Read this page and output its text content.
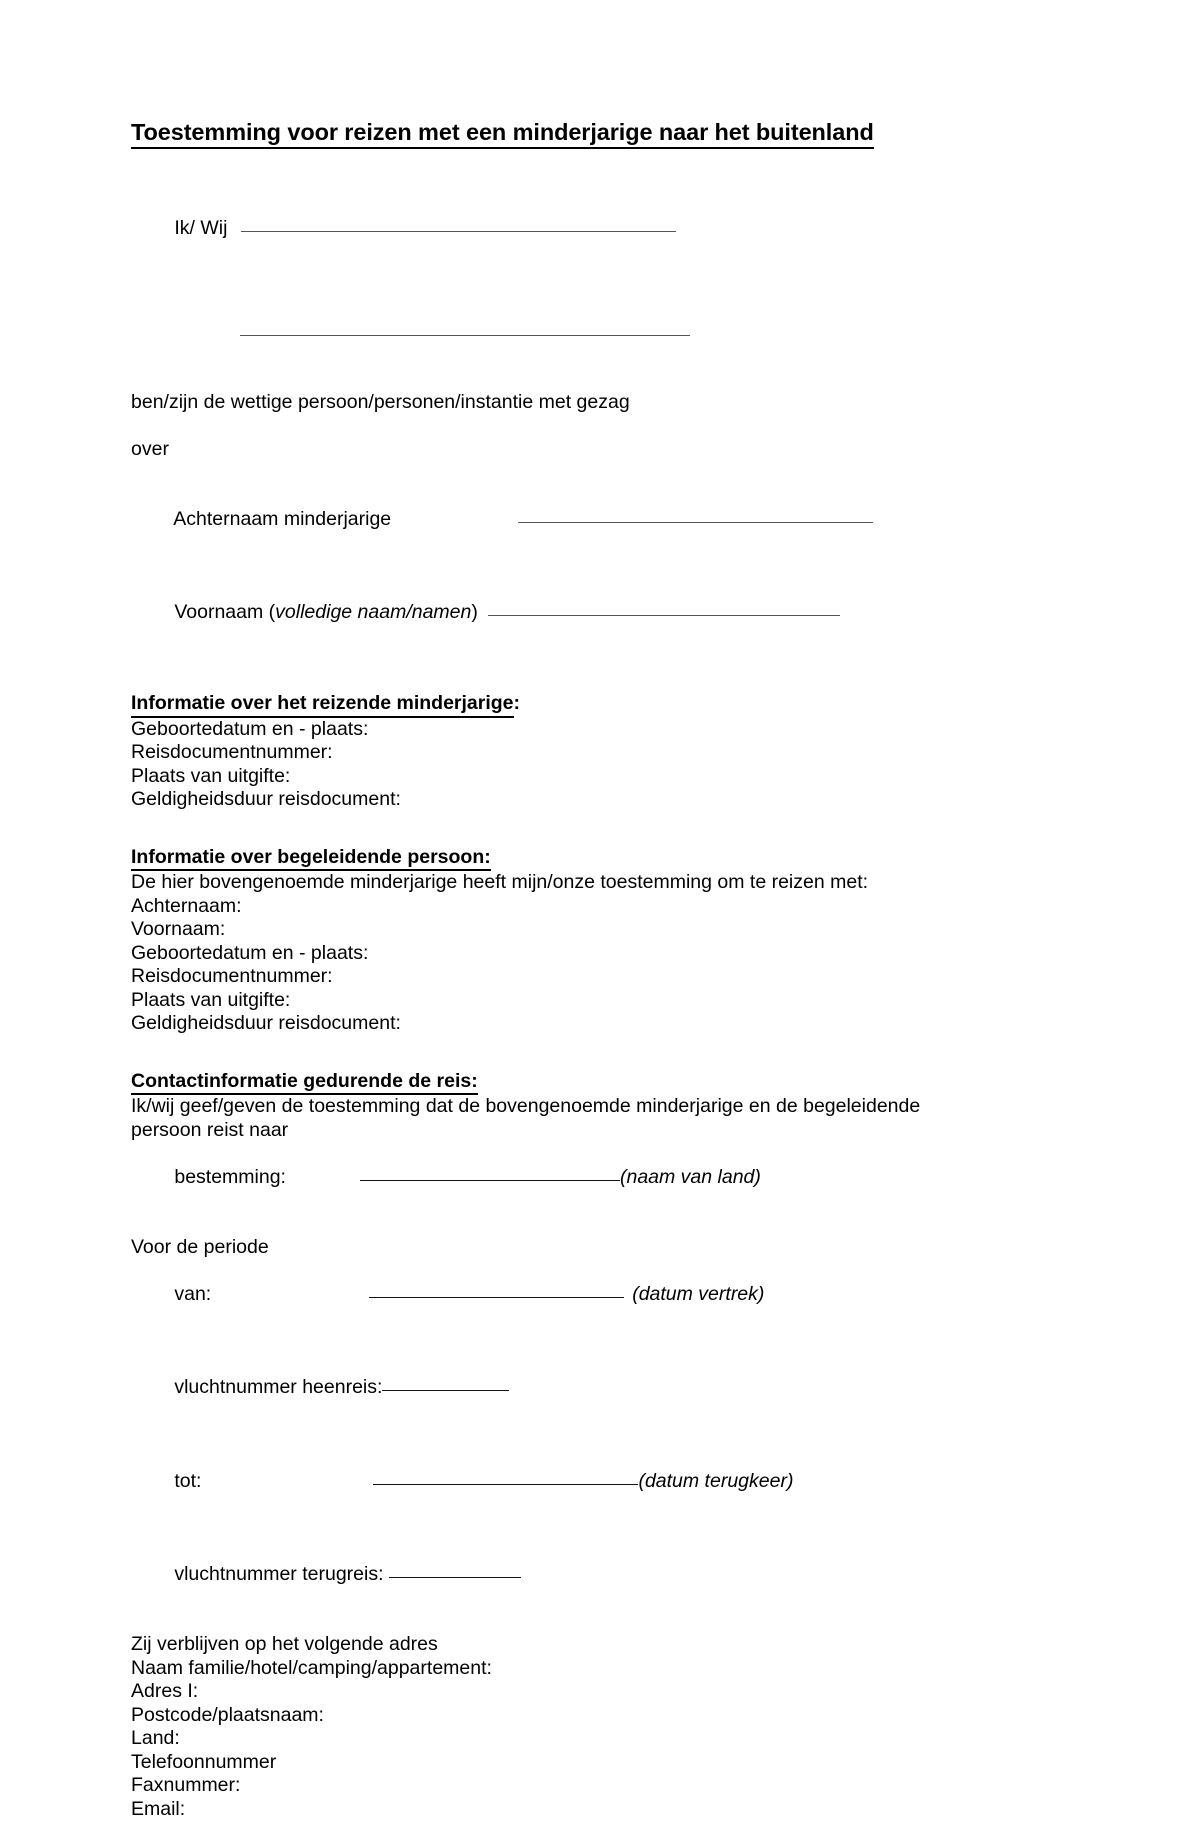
Toestemming voor reizen met een minderjarige naar het buitenland

Ik/ Wij

ben/zijn de wettige persoon/personen/instantie met gezag
over

Achternaam minderjarige

Voornaam (volledige naam/namen)

Informatie over het reizende minderjarige:
Geboortedatum en - plaats:
Reisdocumentnummer:
Plaats van uitgifte:
Geldigheidsduur reisdocument:
Informatie over begeleidende persoon:
De hier bovengenoemde minderjarige heeft mijn/onze toestemming om te reizen met:
Achternaam:
Voornaam:
Geboortedatum en - plaats:
Reisdocumentnummer:
Plaats van uitgifte:
Geldigheidsduur reisdocument:
Contactinformatie gedurende de reis:
Ik/wij geef/geven de toestemming dat de bovengenoemde minderjarige en de begeleidende
persoon reist naar

bestemming:	(naam van land)

Voor de periode

van:	(datum vertrek)

vluchtnummer heenreis:

tot:	(datum terugkeer)

vluchtnummer terugreis:

Zij verblijven op het volgende adres
Naam familie/hotel/camping/appartement:
Adres I:
Postcode/plaatsnaam:
Land:
Telefoonnummer
Faxnummer:
Email:
